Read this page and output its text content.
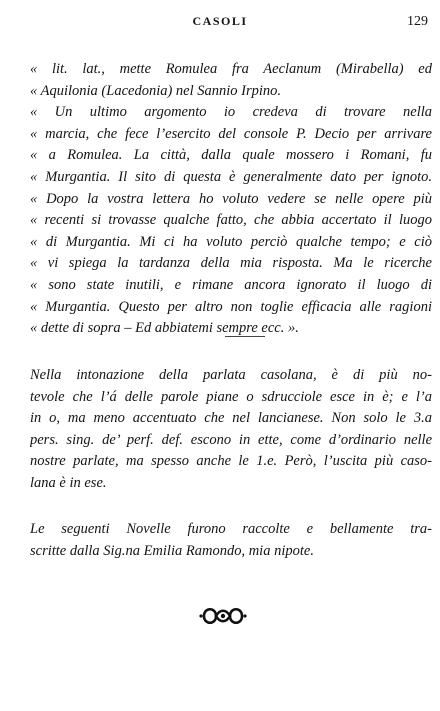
CASOLI	129
« lit. lat., mette Romulea fra Aeclanum (Mirabella) ed
« Aquilonia (Lacedonia) nel Sannio Irpino.
« Un ultimo argomento io credeva di trovare nella
« marcia, che fece l’esercito del console P. Decio per arrivare
« a Romulea. La città, dalla quale mossero i Romani, fu
« Murgantia. Il sito di questa è generalmente dato per ignoto.
« Dopo la vostra lettera ho voluto vedere se nelle opere più
« recenti si trovasse qualche fatto, che abbia accertato il luogo
« di Murgantia. Mi ci ha voluto perciò qualche tempo; e ciò
« vi spiega la tardanza della mia risposta. Ma le ricerche
« sono state inutili, e rimane ancora ignorato il luogo di
« Murgantia. Questo per altro non toglie efficacia alle ragioni
« dette di sopra – Ed abbiatemi sempre ecc. ».
Nella intonazione della parlata casolana, è di più no-
tevole che l’á delle parole piane o sdrucciole esce in è; e l’a
in o, ma meno accentuato che nel lancianese. Non solo le 3.a
pers. sing. de’ perf. def. escono in ette, come d’ordinario nelle
nostre parlate, ma spesso anche le 1.e. Però, l’uscita più caso-
lana è in ese.
Le seguenti Novelle furono raccolte e bellamente tra-
scritte dalla Sig.na Emilia Ramondo, mia nipote.
